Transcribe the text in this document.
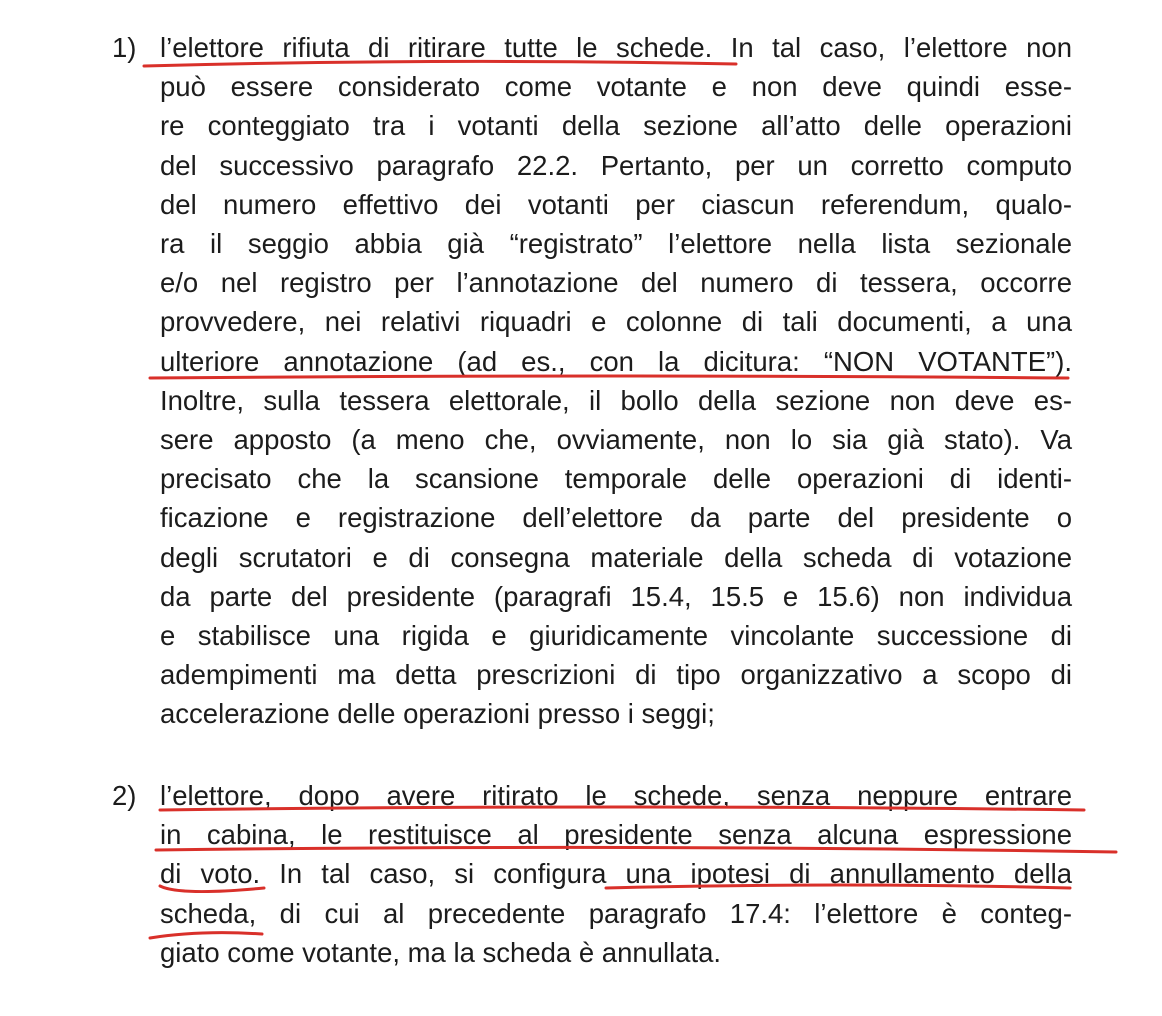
1) l’elettore rifiuta di ritirare tutte le schede. In tal caso, l’elettore non
può essere considerato come votante e non deve quindi esse-
re conteggiato tra i votanti della sezione all’atto delle operazioni
del successivo paragrafo 22.2. Pertanto, per un corretto computo
del numero effettivo dei votanti per ciascun referendum, qualo-
ra il seggio abbia già “registrato” l’elettore nella lista sezionale
e/o nel registro per l’annotazione del numero di tessera, occorre
provvedere, nei relativi riquadri e colonne di tali documenti, a una
ulteriore annotazione (ad es., con la dicitura: “NON VOTANTE”).
Inoltre, sulla tessera elettorale, il bollo della sezione non deve es-
sere apposto (a meno che, ovviamente, non lo sia già stato). Va
precisato che la scansione temporale delle operazioni di identi-
ficazione e registrazione dell’elettore da parte del presidente o
degli scrutatori e di consegna materiale della scheda di votazione
da parte del presidente (paragrafi 15.4, 15.5 e 15.6) non individua
e stabilisce una rigida e giuridicamente vincolante successione di
adempimenti ma detta prescrizioni di tipo organizzativo a scopo di
accelerazione delle operazioni presso i seggi;
2) l’elettore, dopo avere ritirato le schede, senza neppure entrare
in cabina, le restituisce al presidente senza alcuna espressione
di voto. In tal caso, si configura una ipotesi di annullamento della
scheda, di cui al precedente paragrafo 17.4: l’elettore è conteg-
giato come votante, ma la scheda è annullata.
